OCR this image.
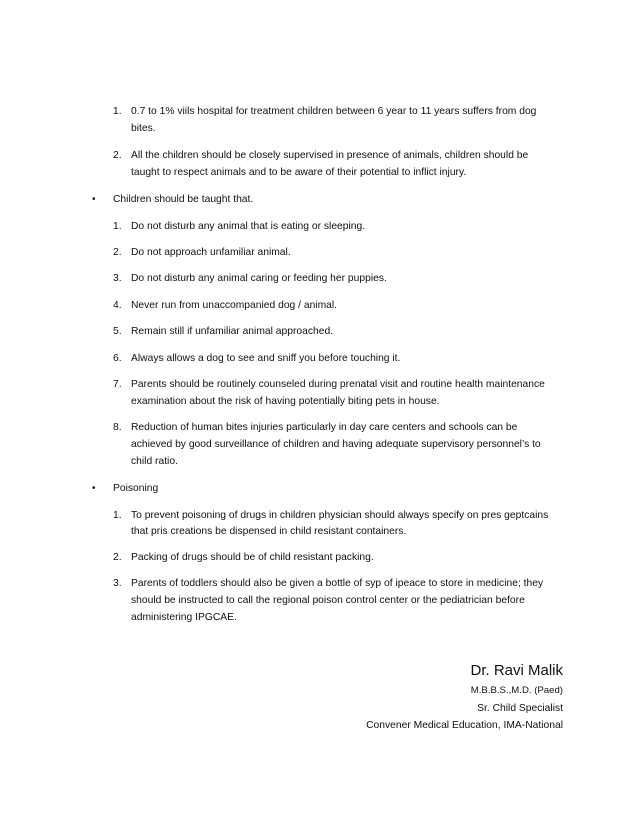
1. 0.7 to 1% viils hospital for treatment children between 6 year to 11 years suffers from dog
bites.
2. All the children should be closely supervised in presence of animals, children should be
taught to respect animals and to be aware of their potential to inflict injury.
• Children should be taught that.
1. Do not disturb any animal that is eating or sleeping.
2. Do not approach unfamiliar animal.
3. Do not disturb any animal caring or feeding her puppies.
4. Never run from unaccompanied dog / animal.
5. Remain still if unfamiliar animal approached.
6. Always allows a dog to see and sniff you before touching it.
7. Parents should be routinely counseled during prenatal visit and routine health maintenance
examination about the risk of having potentially biting pets in house.
8. Reduction of human bites injuries particularly in day care centers and schools can be
achieved by good surveillance of children and having adequate supervisory personnel’s to
child ratio.
• Poisoning
1. To prevent poisoning of drugs in children physician should always specify on pres geptcains
that pris creations be dispensed in child resistant containers.
2. Packing of drugs should be of child resistant packing.
3. Parents of toddlers should also be given a bottle of syp of ipeace to store in medicine; they
should be instructed to call the regional poison control center or the pediatrician before
administering IPGCAE.
Dr. Ravi Malik
M.B.B.S.,M.D. (Paed)
Sr. Child Specialist
Convener Medical Education, IMA-National
